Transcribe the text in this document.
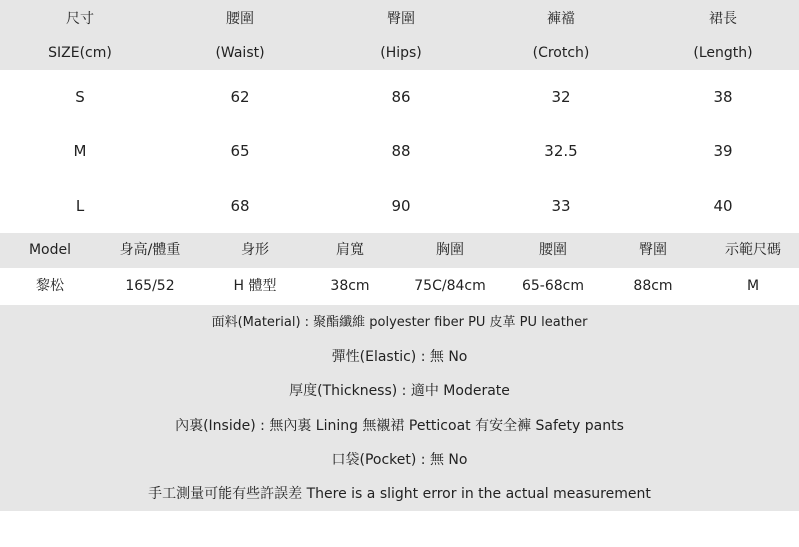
尺寸	腰圍	臀圍	褲襠	裙長
SIZE(cm)	(Waist)	(Hips)	(Crotch)	(Length)
S	62	86	32	38
M	65	88	32.5	39
L	68	90	33	40
Model	身高/體重	身形	肩寬	胸圍	腰圍	臀圍	示範尺碼
黎松	165/52	H 體型	38cm	75C/84cm	65-68cm	88cm	M
面料(Material) : 聚酯纖維 polyester fiber PU 皮革 PU leather
彈性(Elastic) : 無 No
厚度(Thickness) : 適中 Moderate
內裏(Inside) : 無內裏 Lining 無襯裙 Petticoat 有安全褲 Safety pants
口袋(Pocket) : 無 No
手工測量可能有些許誤差 There is a slight error in the actual measurement
